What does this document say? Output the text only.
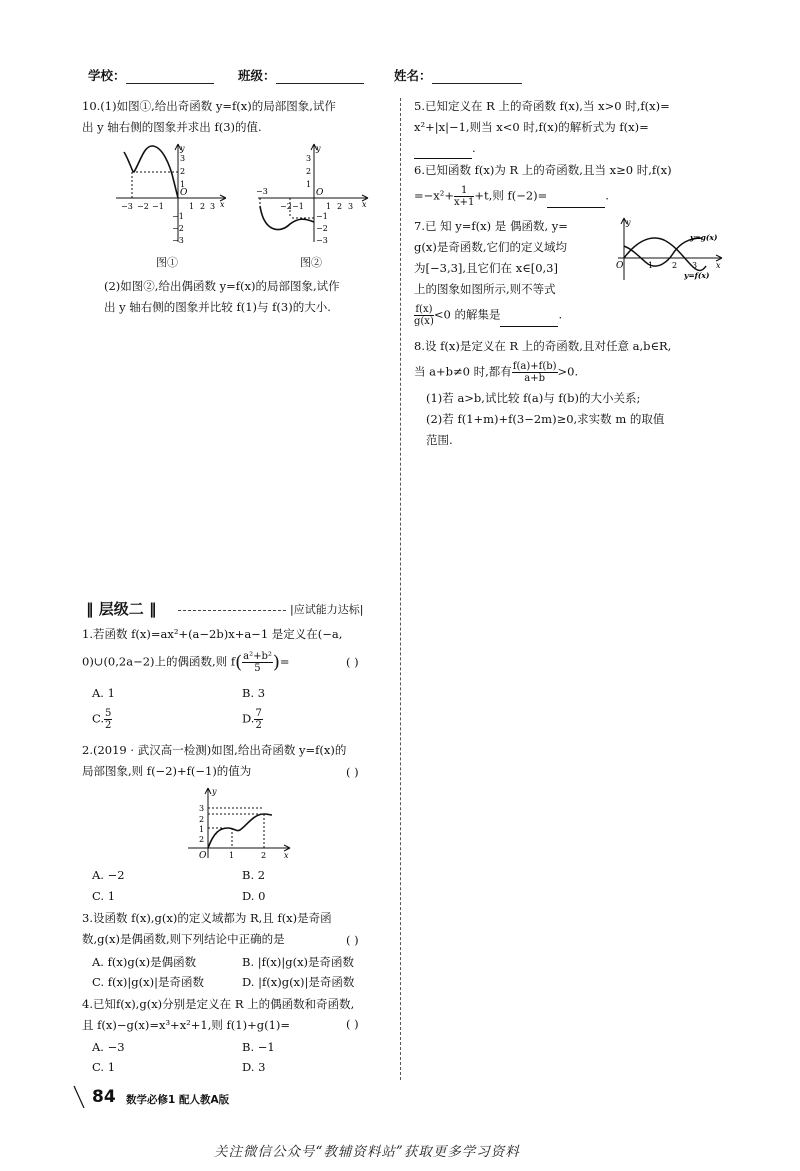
学校：	班级：	姓名：
10.(1)如图①,给出奇函数 y=f(x)的局部图象,试作
出 y 轴右侧的图象并求出 f(3)的值.
y
x
O
3
2
1
−3 −2 −1	1 2 3
−1
−2
−3
图①
y
x
O
3
2
1
−3
−2 −1	1 2 3
−1
−2
−3
图②
(2)如图②,给出偶函数 y=f(x)的局部图象,试作
出 y 轴右侧的图象并比较 f(1)与 f(3)的大小.
‖ 层级二 ‖	|应试能力达标|
1.若函数 f(x)=ax²+(a−2b)x+a−1 是定义在(−a,
0)∪(0,2a−2)上的偶函数,则 $f( \frac{\text{a²+b²}}{5}$ )=	( )
A. 1	B. 3
C. $\frac{5}{2}$	D. $\frac{7}{2}$
2.(2019 · 武汉高一检测)如图,给出奇函数 y=f(x)的
局部图象,则 f(−2)+f(−1)的值为	( )
y
x
O
3
2
1
2
1	2
A. −2	B. 2
C. 1	D. 0
3.设函数 f(x),g(x)的定义域都为 R,且 f(x)是奇函
数,g(x)是偶函数,则下列结论中正确的是	( )
A. f(x)g(x)是偶函数	B. |f(x)|g(x)是奇函数
C. f(x)|g(x)|是奇函数	D. |f(x)g(x)|是奇函数
4.已知f(x),g(x)分别是定义在 R 上的偶函数和奇函数,
且 f(x)−g(x)=x³+x²+1,则 f(1)+g(1)=	( )
A. −3	B. −1
C. 1	D. 3
5.已知定义在 R 上的奇函数 f(x),当 x>0 时,f(x)=
x²+|x|−1,则当 x<0 时,f(x)的解析式为 f(x)=
.
6.已知函数 f(x)为 R 上的奇函数,且当 x≥0 时,f(x)
$=-x^2+ \frac{1}{x+1} +t$,则 f(−2)=	.
7.已 知 y=f(x) 是 偶函数, y=
g(x)是奇函数,它们的定义域均
为[−3,3],且它们在 x∈[0,3]
上的图象如图所示,则不等式
$\frac{f(x)}{g(x)} <0$ 的解集是	.
y
x
O	1 2 3
y=g(x)
y=f(x)
8.设 f(x)是定义在 R 上的奇函数,且对任意 a,b∈R,
当 a+b≠0 时,都有 $\frac{f(a)+f(b)}{a+b} >0$.
(1)若 a>b,试比较 f(a)与 f(b)的大小关系;
(2)若 f(1+m)+f(3−2m)≥0,求实数 m 的取值
范围.
84 数学必修1 配人教A版
关注微信公众号“教辅资料站”获取更多学习资料
